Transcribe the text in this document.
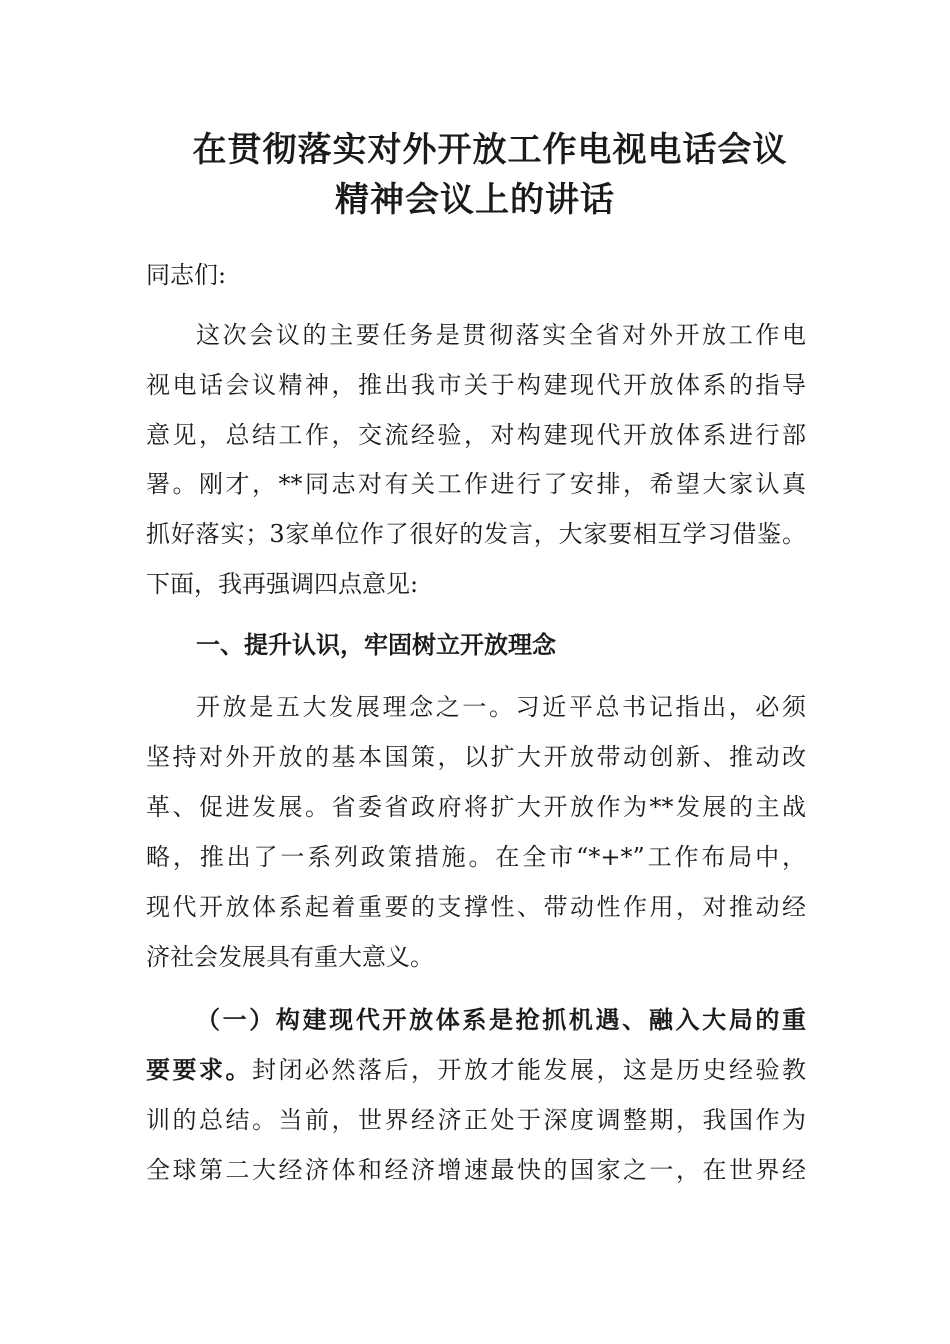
在贯彻落实对外开放工作电视电话会议
精神会议上的讲话

同志们:

这次会议的主要任务是贯彻落实全省对外开放工作电

视电话会议精神，推出我市关于构建现代开放体系的指导

意见，总结工作，交流经验，对构建现代开放体系进行部

署。刚才，**同志对有关工作进行了安排，希望大家认真

抓好落实；3家单位作了很好的发言，大家要相互学习借鉴。

下面，我再强调四点意见:

一、提升认识，牢固树立开放理念

开放是五大发展理念之一。习近平总书记指出，必须

坚持对外开放的基本国策，以扩大开放带动创新、推动改

革、促进发展。省委省政府将扩大开放作为**发展的主战

略，推出了一系列政策措施。在全市“*+*”工作布局中，

现代开放体系起着重要的支撑性、带动性作用，对推动经

济社会发展具有重大意义。

（一）构建现代开放体系是抢抓机遇、融入大局的重

要要求。封闭必然落后，开放才能发展，这是历史经验教

训的总结。当前，世界经济正处于深度调整期，我国作为

全球第二大经济体和经济增速最快的国家之一，在世界经
